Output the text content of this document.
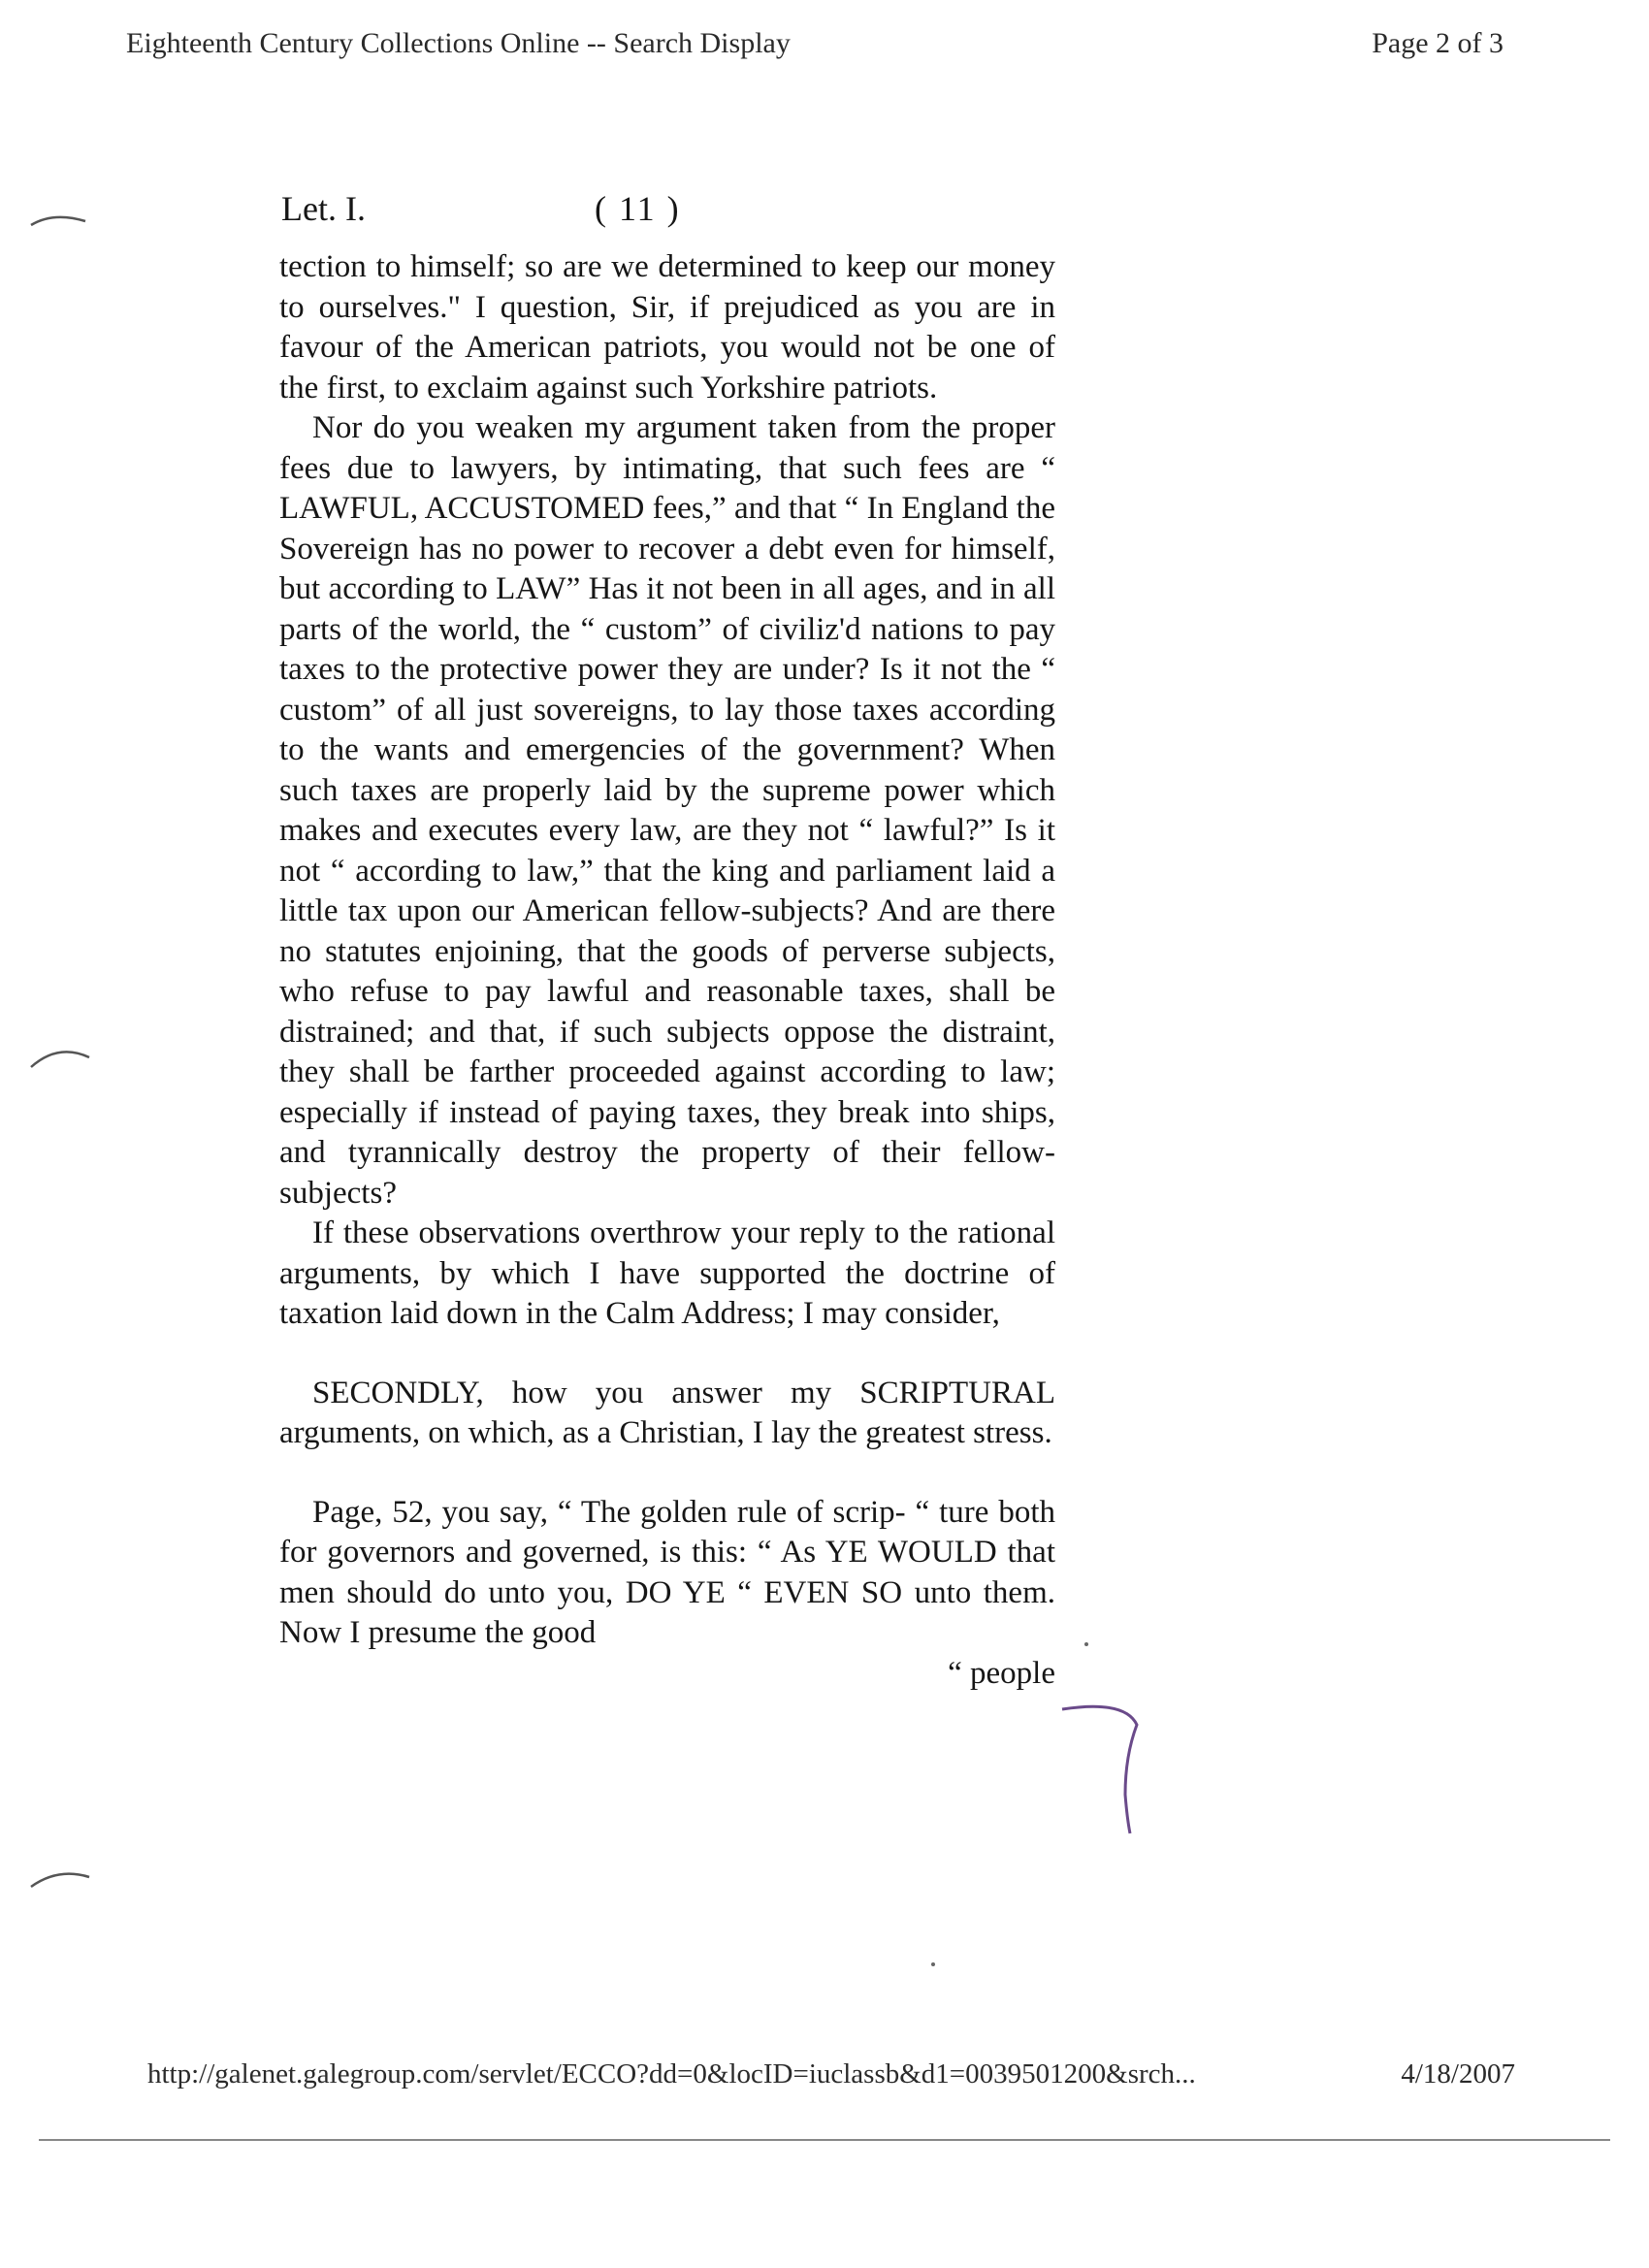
Eighteenth Century Collections Online -- Search Display	Page 2 of 3
Let. I.	( 11 )

tection to himself; so are we determined to keep our money to ourselves." I question, Sir, if prejudiced as you are in favour of the American patriots, you would not be one of the first, to exclaim against such Yorkshire patriots.

Nor do you weaken my argument taken from the proper fees due to lawyers, by intimating, that such fees are “ LAWFUL, ACCUSTOMED fees,” and that “ In England the Sovereign has no power to recover a debt even for himself, but according to LAW” Has it not been in all ages, and in all parts of the world, the “ custom” of civiliz'd nations to pay taxes to the protective power they are under? Is it not the “ custom” of all just sovereigns, to lay those taxes according to the wants and emergencies of the government? When such taxes are properly laid by the supreme power which makes and executes every law, are they not “ lawful?” Is it not “ according to law,” that the king and parliament laid a little tax upon our American fellow-subjects? And are there no statutes enjoining, that the goods of perverse subjects, who refuse to pay lawful and reasonable taxes, shall be distrained; and that, if such subjects oppose the distraint, they shall be farther proceeded against according to law; especially if instead of paying taxes, they break into ships, and tyrannically destroy the property of their fellow-subjects?

If these observations overthrow your reply to the rational arguments, by which I have supported the doctrine of taxation laid down in the Calm Address; I may consider,

SECONDLY, how you answer my SCRIPTURAL arguments, on which, as a Christian, I lay the greatest stress.

Page, 52, you say, “ The golden rule of scrip- “ ture both for governors and governed, is this: “ As YE WOULD that men should do unto you, DO YE “ EVEN SO unto them. Now I presume the good

“ people

http://galenet.galegroup.com/servlet/ECCO?dd=0&locID=iuclassb&d1=0039501200&srch...	4/18/2007
